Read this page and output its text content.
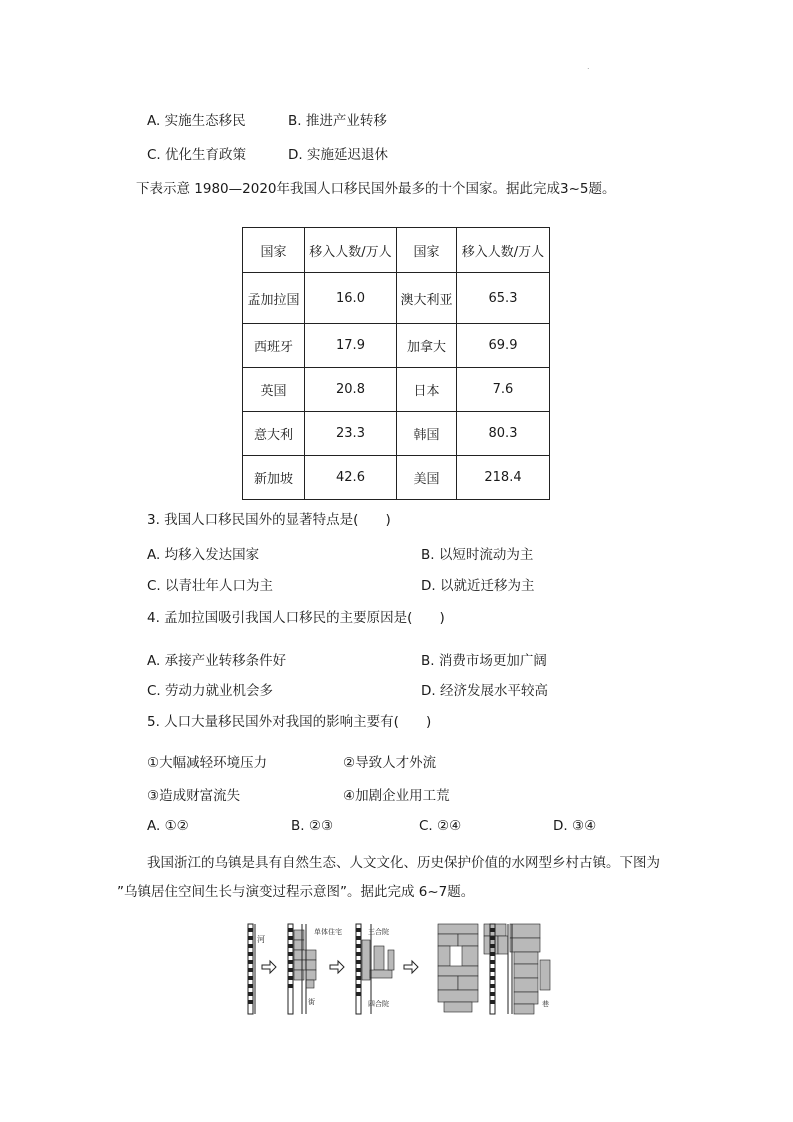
.
A. 实施生态移民	B. 推进产业转移
C. 优化生育政策	D. 实施延迟退休
下表示意 1980—2020年我国人口移民国外最多的十个国家。据此完成3~5题。
国家	移入人数/万人	国家	移入人数/万人
孟加拉国	16.0	澳大利亚	65.3
西班牙	17.9	加拿大	69.9
英国	20.8	日本	7.6
意大利	23.3	韩国	80.3
新加坡	42.6	美国	218.4
3. 我国人口移民国外的显著特点是(　　)
A. 均移入发达国家	B. 以短时流动为主
C. 以青壮年人口为主	D. 以就近迁移为主
4. 孟加拉国吸引我国人口移民的主要原因是(　　)
A. 承接产业转移条件好	B. 消费市场更加广阔
C. 劳动力就业机会多	D. 经济发展水平较高
5. 人口大量移民国外对我国的影响主要有(　　)
①大幅减轻环境压力	②导致人才外流
③造成财富流失	④加剧企业用工荒
A. ①②	B. ②③	C. ②④	D. ③④
我国浙江的乌镇是具有自然生态、人文文化、历史保护价值的水网型乡村古镇。下图为
”乌镇居住空间生长与演变过程示意图”。据此完成 6~7题。
河
单体住宅
街
三合院
四合院	巷
